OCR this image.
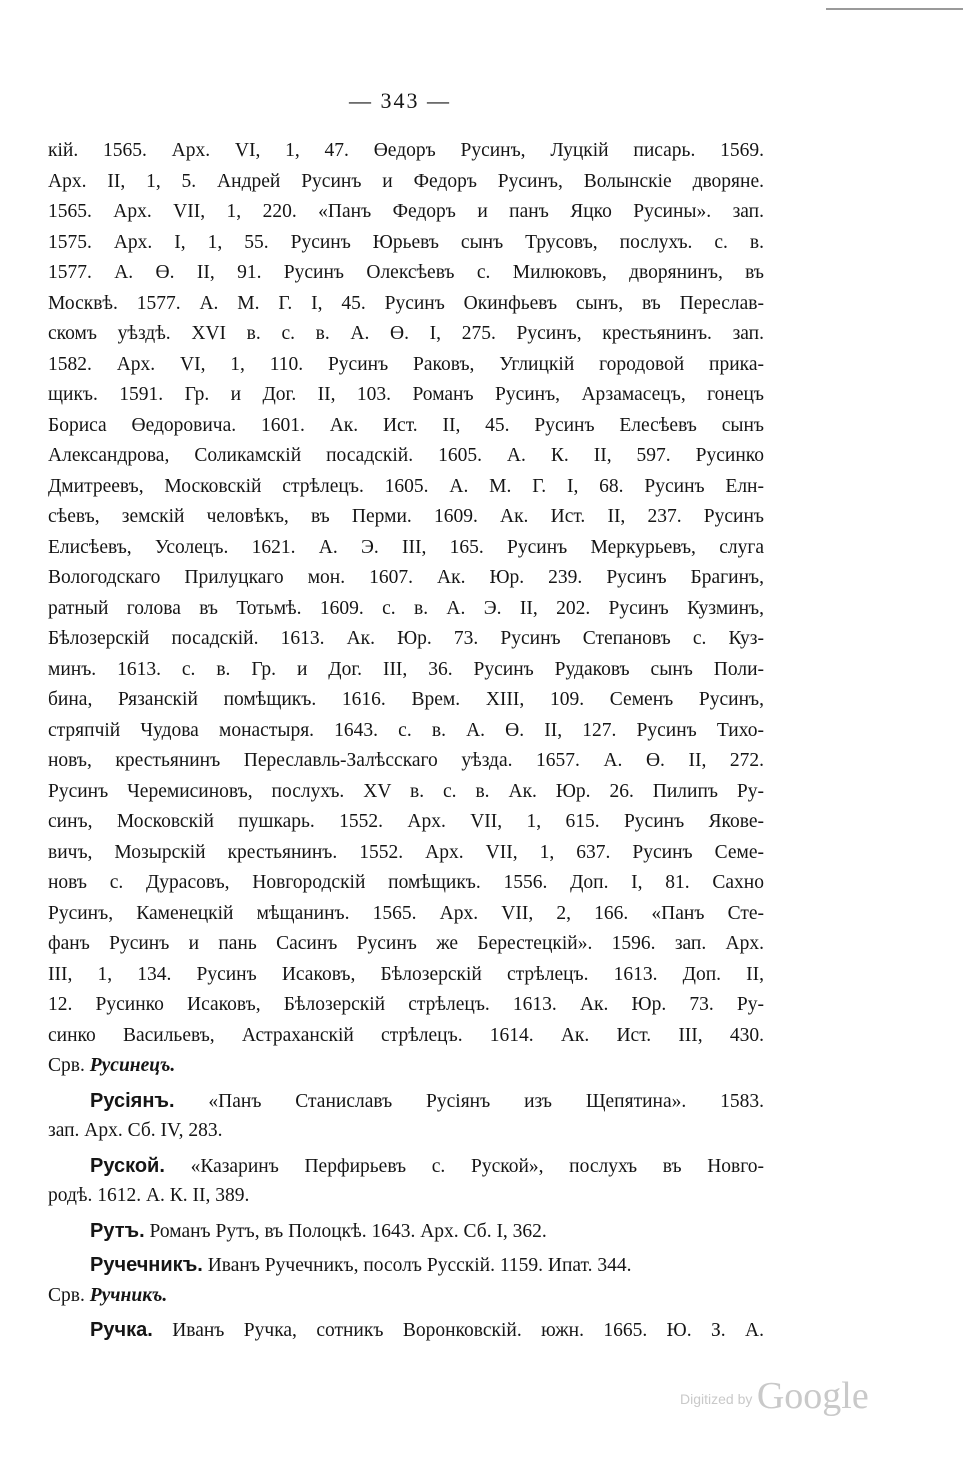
— 343 —
кій. 1565. Арх. VI, 1, 47. Өедоръ Русинъ, Луцкій писарь. 1569.
Арх. II, 1, 5. Андрей Русинъ и Федоръ Русинъ, Волынскіе дворяне.
1565. Арх. VII, 1, 220. «Панъ Федоръ и панъ Яцко Русины». зап.
1575. Арх. I, 1, 55. Русинъ Юрьевъ сынъ Трусовъ, послухъ. с. в.
1577. А. Ө. II, 91. Русинъ Олексѣевъ с. Милюковъ, дворянинъ, въ
Москвѣ. 1577. А. М. Г. I, 45. Русинъ Окинфьевъ сынъ, въ Переслав-
скомъ уѣздѣ. XVI в. с. в. А. Ө. I, 275. Русинъ, крестьянинъ. зап.
1582. Арх. VI, 1, 110. Русинъ Раковъ, Углицкій городовой прика-
щикъ. 1591. Гр. и Дог. II, 103. Романъ Русинъ, Арзамасецъ, гонецъ
Бориса Өедоровича. 1601. Ак. Ист. II, 45. Русинъ Елесѣевъ сынъ
Александрова, Соликамскій посадскій. 1605. А. К. II, 597. Русинко
Дмитреевъ, Московскій стрѣлецъ. 1605. А. М. Г. I, 68. Русинъ Елн-
сѣевъ, земскій человѣкъ, въ Перми. 1609. Ак. Ист. II, 237. Русинъ
Елисѣевъ, Усолецъ. 1621. А. Э. III, 165. Русинъ Меркурьевъ, слуга
Вологодскаго Прилуцкаго мон. 1607. Ак. Юр. 239. Русинъ Брагинъ,
ратный голова въ Тотьмѣ. 1609. с. в. А. Э. II, 202. Русинъ Кузминъ,
Бѣлозерскій посадскій. 1613. Ак. Юр. 73. Русинъ Степановъ с. Куз-
минъ. 1613. с. в. Гр. и Дог. III, 36. Русинъ Рудаковъ сынъ Поли-
бина, Рязанскій помѣщикъ. 1616. Врем. XIII, 109. Семенъ Русинъ,
стряпчій Чудова монастыря. 1643. с. в. А. Ө. II, 127. Русинъ Тихо-
новъ, крестьянинъ Переславль-Залѣсскаго уѣзда. 1657. А. Ө. II, 272.
Русинъ Черемисиновъ, послухъ. XV в. с. в. Ак. Юр. 26. Пилипъ Ру-
синъ, Московскій пушкарь. 1552. Арх. VII, 1, 615. Русинъ Якове-
вичъ, Мозырскій крестьянинъ. 1552. Арх. VII, 1, 637. Русинъ Семе-
новъ с. Дурасовъ, Новгородскій помѣщикъ. 1556. Доп. I, 81. Сахно
Русинъ, Каменецкій мѣщанинъ. 1565. Арх. VII, 2, 166. «Панъ Сте-
фанъ Русинъ и пань Сасинъ Русинъ же Берестецкій». 1596. зап. Арх.
III, 1, 134. Русинъ Исаковъ, Бѣлозерскій стрѣлецъ. 1613. Доп. II,
12. Русинко Исаковъ, Бѣлозерскій стрѣлецъ. 1613. Ак. Юр. 73. Ру-
синко Васильевъ, Астраханскій стрѣлецъ. 1614. Ак. Ист. III, 430.
Срв. Русинецъ.
Русіянъ. «Панъ Станиславъ Русіянъ изъ Щепятина». 1583.
зап. Арх. Сб. IV, 283.
Руской. «Казаринъ Перфирьевъ с. Руской», послухъ въ Новго-
родѣ. 1612. А. К. II, 389.
Рутъ. Романъ Рутъ, въ Полоцкѣ. 1643. Арх. Сб. I, 362.
Ручечникъ. Иванъ Ручечникъ, посолъ Русскій. 1159. Ипат. 344.
Срв. Ручникъ.
Ручка. Иванъ Ручка, сотникъ Воронковскій. южн. 1665. Ю. З. А.
Digitized by Google
